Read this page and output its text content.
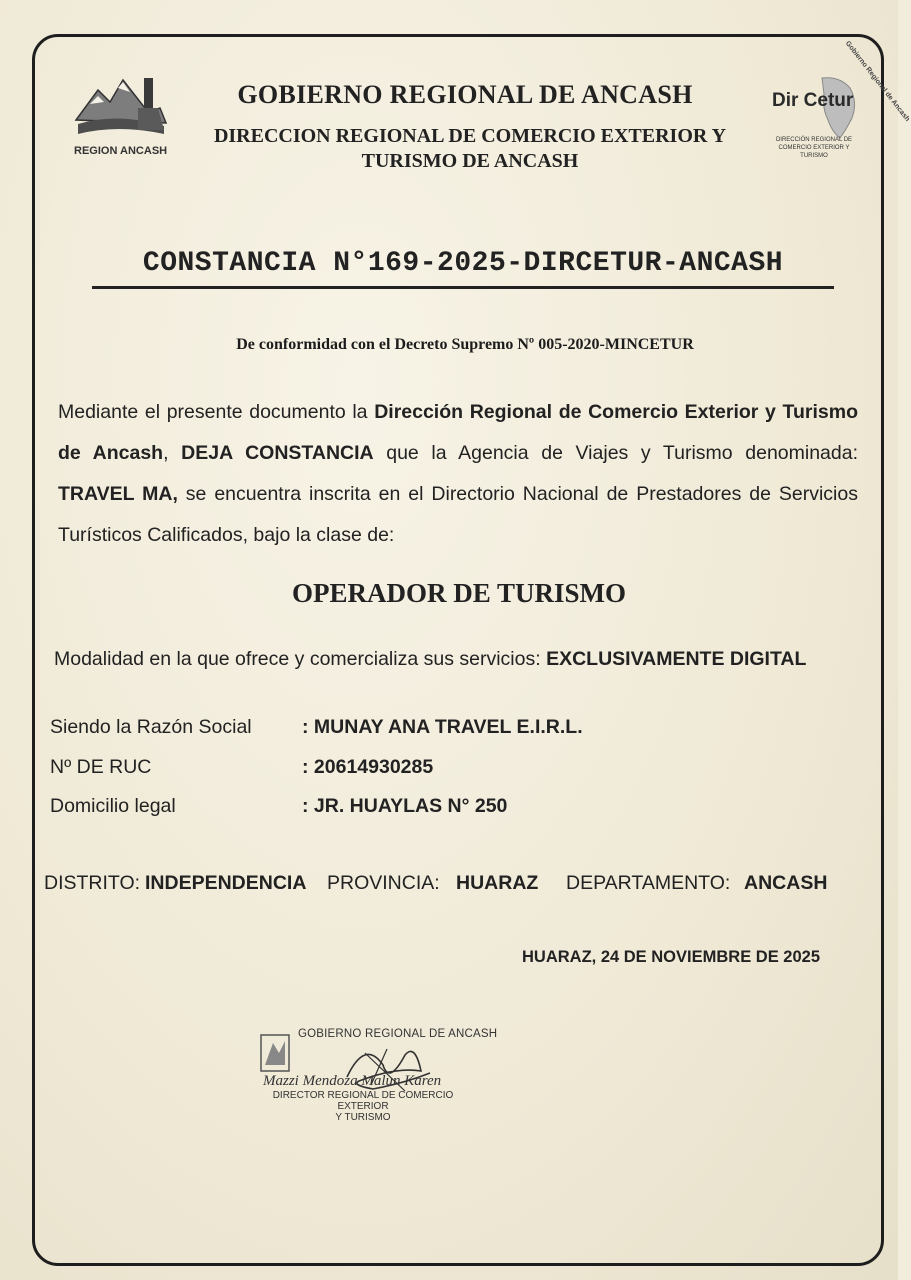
REGION ANCASH
Dir Cetur
Gobierno Regional de Ancash
DIRECCIÓN REGIONAL DE COMERCIO EXTERIOR Y TURISMO
GOBIERNO REGIONAL DE ANCASH
DIRECCION REGIONAL DE COMERCIO EXTERIOR Y
TURISMO DE ANCASH
CONSTANCIA N°169-2025-DIRCETUR-ANCASH
De conformidad con el Decreto Supremo Nº 005-2020-MINCETUR
Mediante el presente documento la Dirección Regional de Comercio Exterior y Turismo de Ancash, DEJA CONSTANCIA que la Agencia de Viajes y Turismo denominada: TRAVEL MA, se encuentra inscrita en el Directorio Nacional de Prestadores de Servicios Turísticos Calificados, bajo la clase de:
OPERADOR DE TURISMO
Modalidad en la que ofrece y comercializa sus servicios: EXCLUSIVAMENTE DIGITAL
Siendo la Razón Social	: MUNAY ANA TRAVEL E.I.R.L.
Nº DE RUC	: 20614930285
Domicilio legal	: JR. HUAYLAS N° 250
DISTRITO: INDEPENDENCIA PROVINCIA: HUARAZ DEPARTAMENTO: ANCASH
HUARAZ, 24 DE NOVIEMBRE DE 2025
GOBIERNO REGIONAL DE ANCASH
Mazzi Mendoza Malun Karen
DIRECTOR REGIONAL DE COMERCIO EXTERIOR
Y TURISMO
